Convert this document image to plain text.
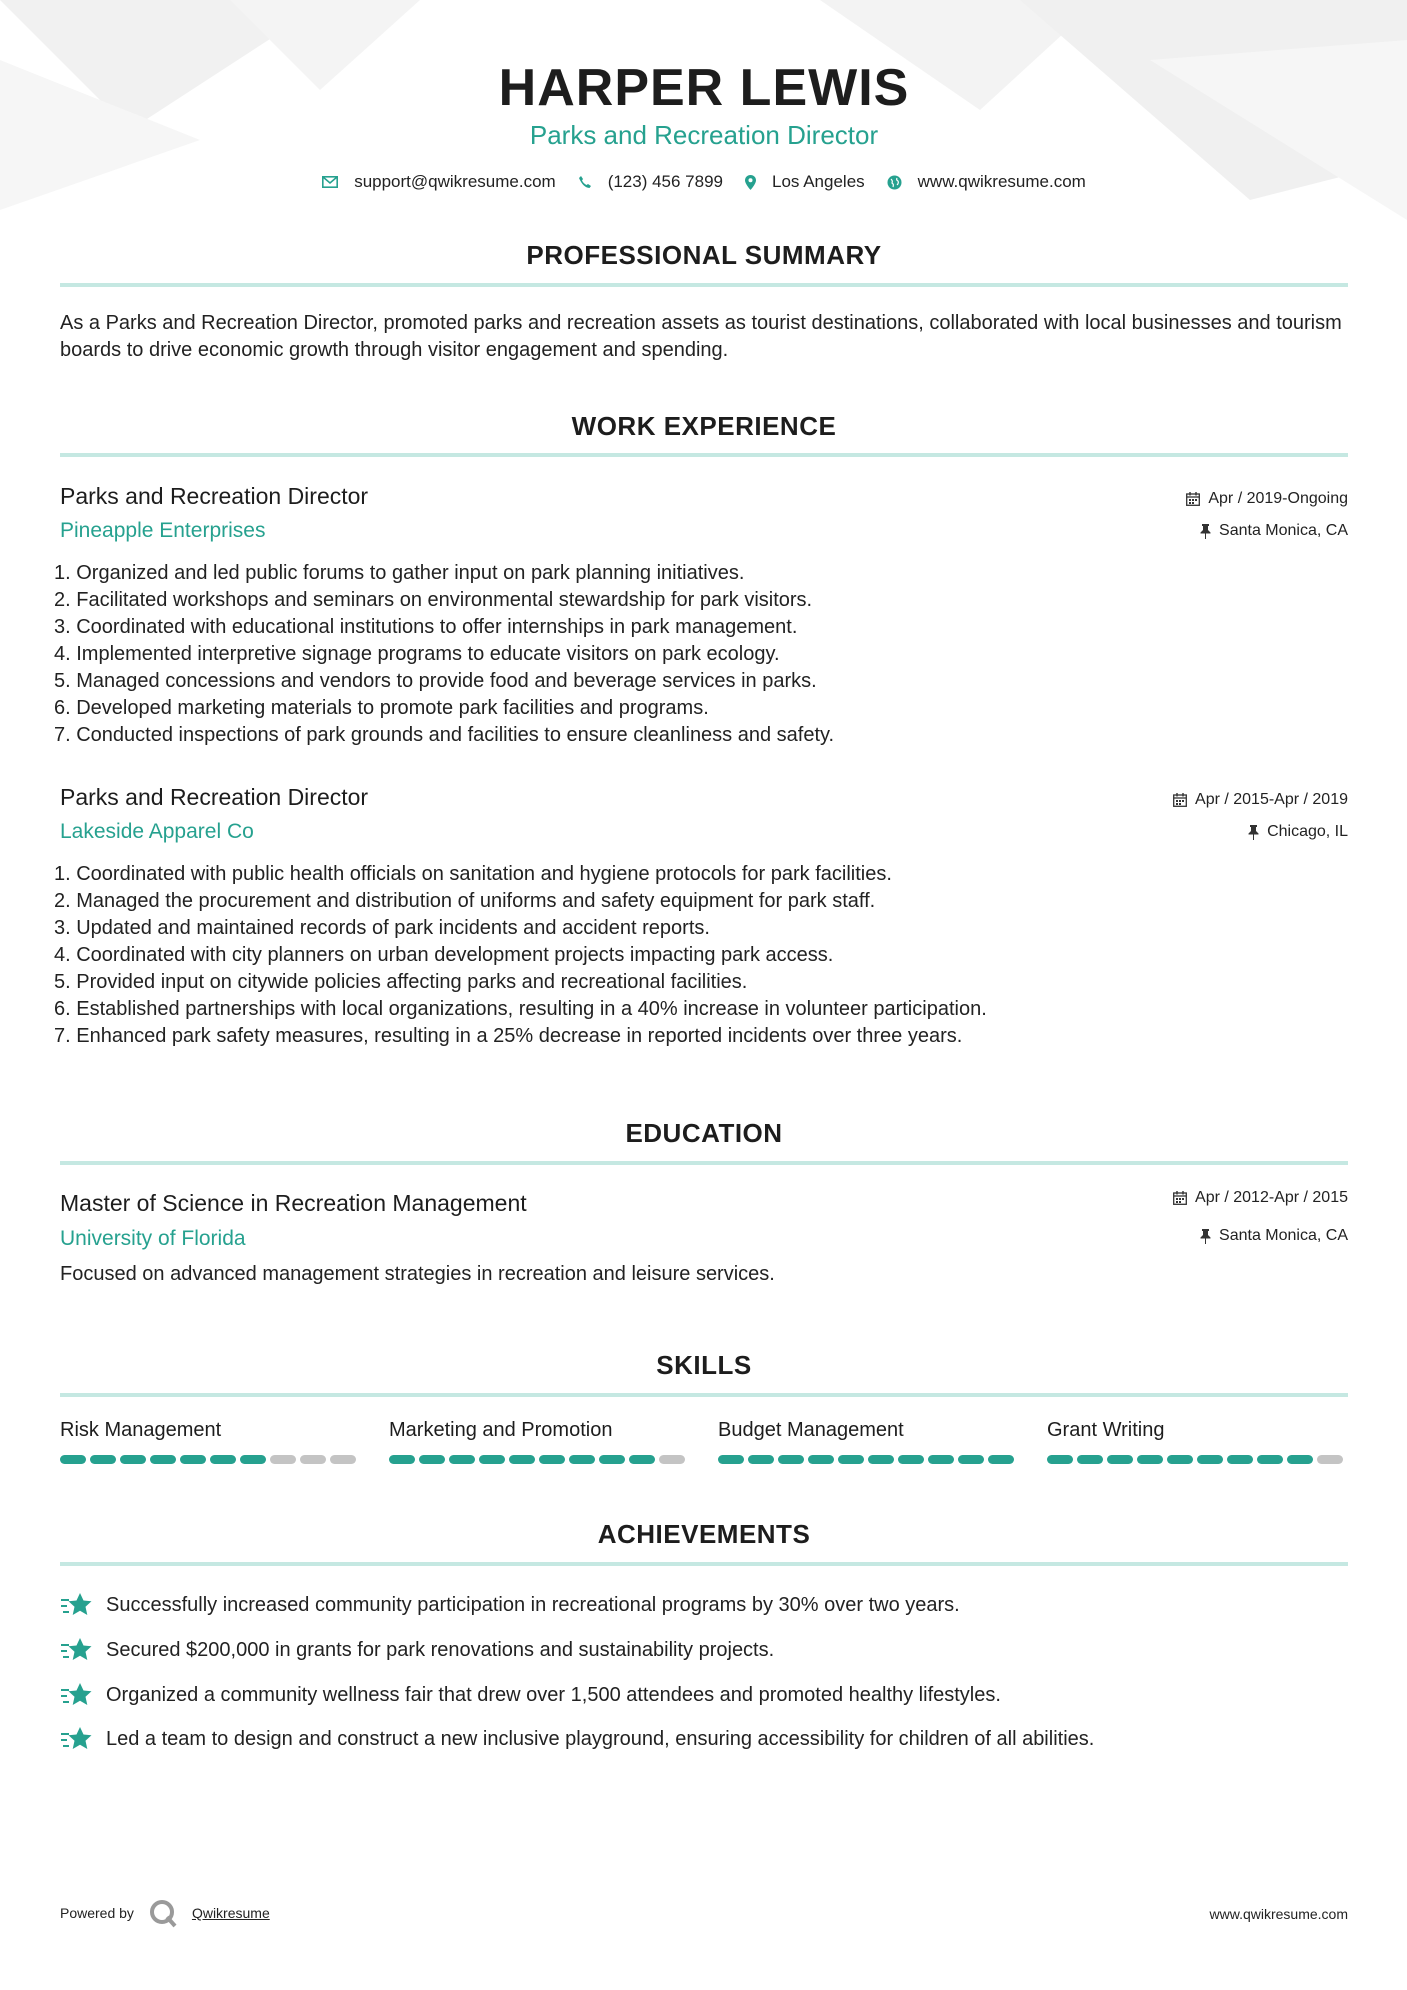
HARPER LEWIS
Parks and Recreation Director
support@qwikresume.com	(123) 456 7899	Los Angeles	www.qwikresume.com
PROFESSIONAL SUMMARY
As a Parks and Recreation Director, promoted parks and recreation assets as tourist destinations, collaborated with local businesses and tourism boards to drive economic growth through visitor engagement and spending.
WORK EXPERIENCE
Parks and Recreation Director
Pineapple Enterprises
Apr / 2019-Ongoing
Santa Monica, CA
1. Organized and led public forums to gather input on park planning initiatives.
2. Facilitated workshops and seminars on environmental stewardship for park visitors.
3. Coordinated with educational institutions to offer internships in park management.
4. Implemented interpretive signage programs to educate visitors on park ecology.
5. Managed concessions and vendors to provide food and beverage services in parks.
6. Developed marketing materials to promote park facilities and programs.
7. Conducted inspections of park grounds and facilities to ensure cleanliness and safety.
Parks and Recreation Director
Lakeside Apparel Co
Apr / 2015-Apr / 2019
Chicago, IL
1. Coordinated with public health officials on sanitation and hygiene protocols for park facilities.
2. Managed the procurement and distribution of uniforms and safety equipment for park staff.
3. Updated and maintained records of park incidents and accident reports.
4. Coordinated with city planners on urban development projects impacting park access.
5. Provided input on citywide policies affecting parks and recreational facilities.
6. Established partnerships with local organizations, resulting in a 40% increase in volunteer participation.
7. Enhanced park safety measures, resulting in a 25% decrease in reported incidents over three years.
EDUCATION
Master of Science in Recreation Management
University of Florida
Apr / 2012-Apr / 2015
Santa Monica, CA
Focused on advanced management strategies in recreation and leisure services.
SKILLS
Risk Management	Marketing and Promotion	Budget Management	Grant Writing
ACHIEVEMENTS
Successfully increased community participation in recreational programs by 30% over two years.
Secured $200,000 in grants for park renovations and sustainability projects.
Organized a community wellness fair that drew over 1,500 attendees and promoted healthy lifestyles.
Led a team to design and construct a new inclusive playground, ensuring accessibility for children of all abilities.
Powered by	Qwikresume	www.qwikresume.com
